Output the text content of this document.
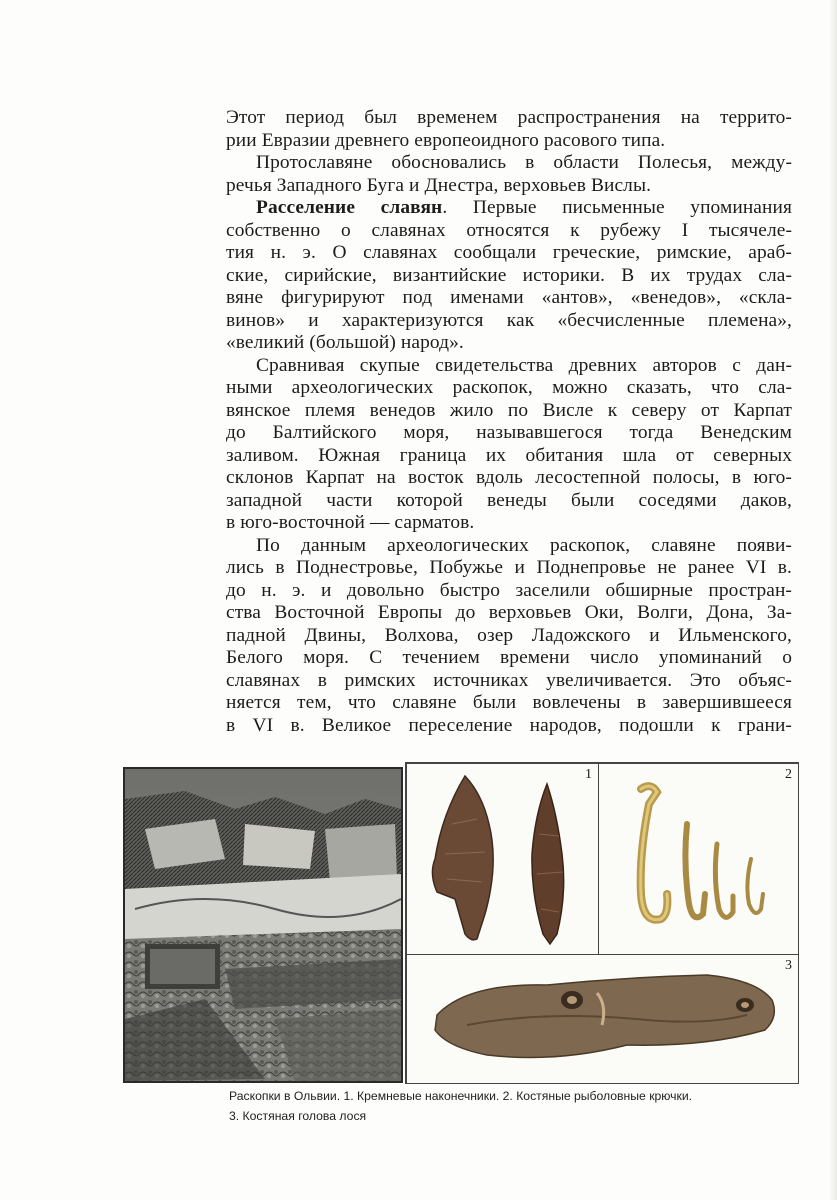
Этот период был временем распространения на террито-
рии Евразии древнего европеоидного расового типа.
Протославяне обосновались в области Полесья, между-
речья Западного Буга и Днестра, верховьев Вислы.
Расселение славян. Первые письменные упоминания
собственно о славянах относятся к рубежу I тысячеле-
тия н. э. О славянах сообщали греческие, римские, араб-
ские, сирийские, византийские историки. В их трудах сла-
вяне фигурируют под именами «антов», «венедов», «скла-
винов» и характеризуются как «бесчисленные племена»,
«великий (большой) народ».
Сравнивая скупые свидетельства древних авторов с дан-
ными археологических раскопок, можно сказать, что сла-
вянское племя венедов жило по Висле к северу от Карпат
до Балтийского моря, называвшегося тогда Венедским
заливом. Южная граница их обитания шла от северных
склонов Карпат на восток вдоль лесостепной полосы, в юго-
западной части которой венеды были соседями даков,
в юго-восточной — сарматов.
По данным археологических раскопок, славяне появи-
лись в Поднестровье, Побужье и Поднепровье не ранее VI в.
до н. э. и довольно быстро заселили обширные простран-
ства Восточной Европы до верховьев Оки, Волги, Дона, За-
падной Двины, Волхова, озер Ладожского и Ильменского,
Белого моря. С течением времени число упоминаний о
славянах в римских источниках увеличивается. Это объяс-
няется тем, что славяне были вовлечены в завершившееся
в VI в. Великое переселение народов, подошли к грани-
1	2
3
Раскопки в Ольвии. 1. Кремневые наконечники. 2. Костяные рыболовные крючки.
3. Костяная голова лося
